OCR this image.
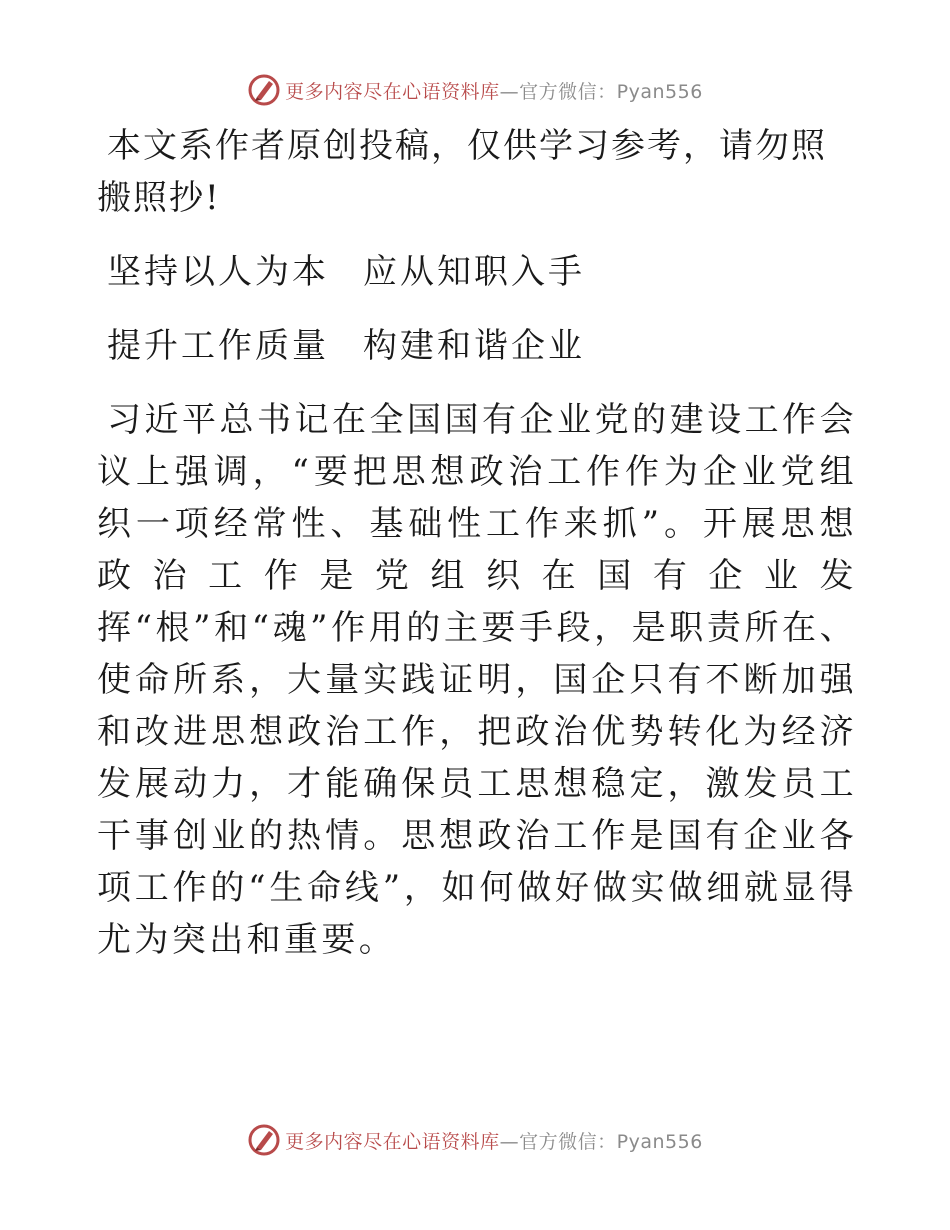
更多内容尽在心语资料库 —官方微信：Pyan556

本文系作者原创投稿，仅供学习参考，请勿照搬照抄!

坚持以人为本 应从知职入手

提升工作质量 构建和谐企业

习近平总书记在全国国有企业党的建设工作会议上强调，“要把思想政治工作作为企业党组织一项经常性、基础性工作来抓”。开展思想政治工作是党组织在国有企业发挥“根”和“魂”作用的主要手段，是职责所在、使命所系，大量实践证明，国企只有不断加强和改进思想政治工作，把政治优势转化为经济发展动力，才能确保员工思想稳定，激发员工干事创业的热情。思想政治工作是国有企业各项工作的“生命线”，如何做好做实做细就显得尤为突出和重要。

更多内容尽在心语资料库 —官方微信：Pyan556
